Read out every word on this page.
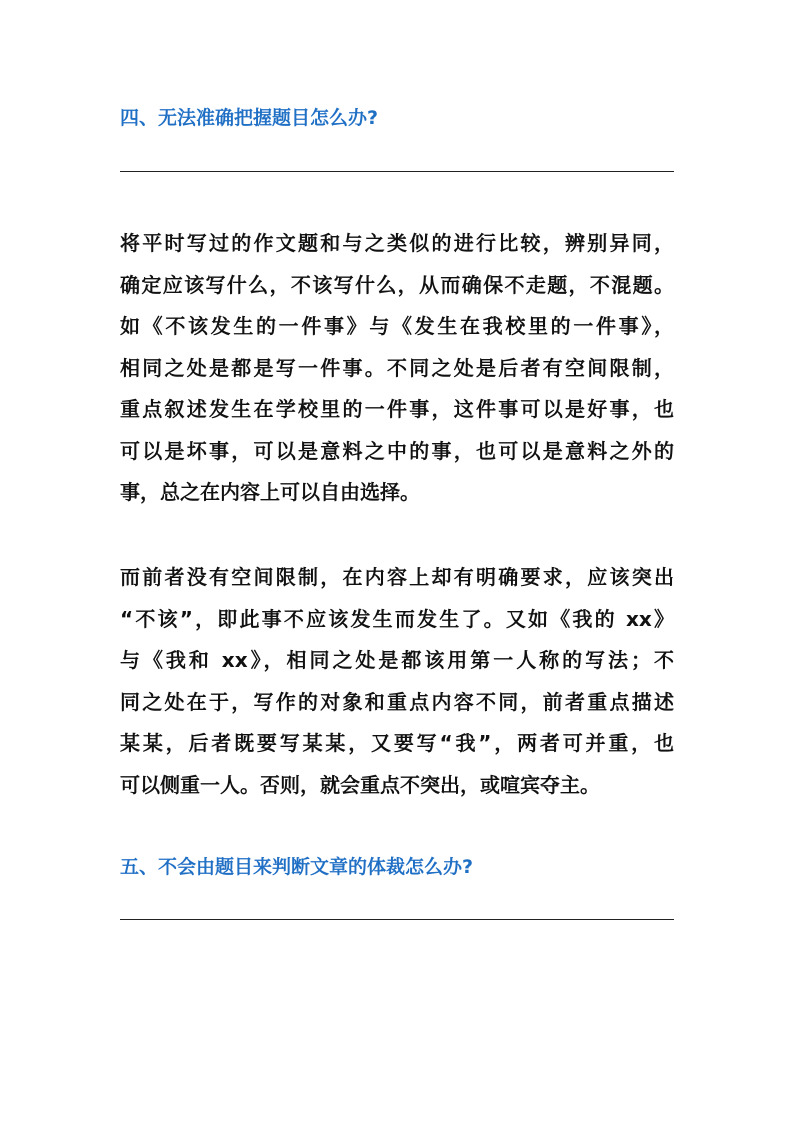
四、无法准确把握题目怎么办?
将平时写过的作文题和与之类似的进行比较，辨别异同，
确定应该写什么，不该写什么，从而确保不走题，不混题。
如《不该发生的一件事》与《发生在我校里的一件事》，
相同之处是都是写一件事。不同之处是后者有空间限制，
重点叙述发生在学校里的一件事，这件事可以是好事，也
可以是坏事，可以是意料之中的事，也可以是意料之外的
事，总之在内容上可以自由选择。
而前者没有空间限制，在内容上却有明确要求，应该突出
“不该”，即此事不应该发生而发生了。又如《我的 xx》
与《我和 xx》，相同之处是都该用第一人称的写法；不
同之处在于，写作的对象和重点内容不同，前者重点描述
某某，后者既要写某某，又要写“我”，两者可并重，也
可以侧重一人。否则，就会重点不突出，或喧宾夺主。
五、不会由题目来判断文章的体裁怎么办?
